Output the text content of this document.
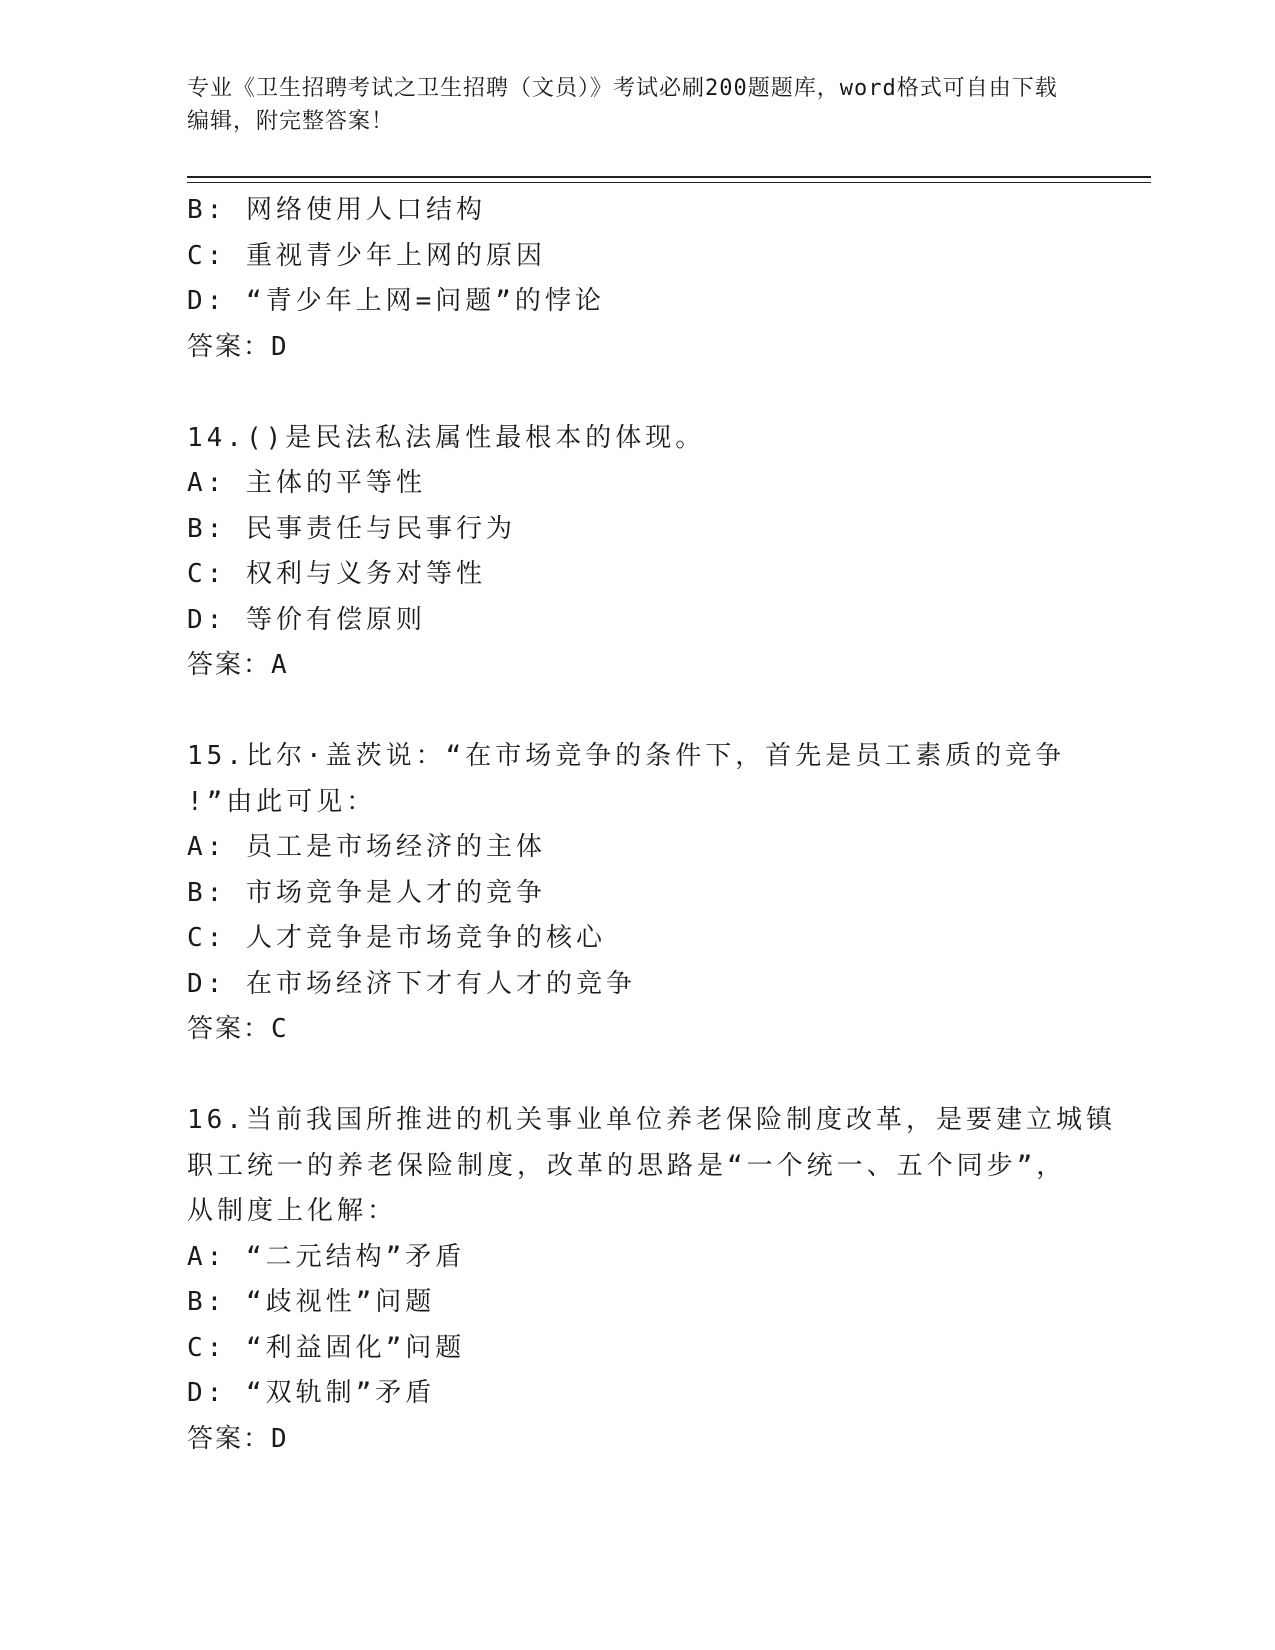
专业《卫生招聘考试之卫生招聘（文员）》考试必刷200题题库，word格式可自由下载编辑，附完整答案！
B: 网络使用人口结构
C: 重视青少年上网的原因
D: “青少年上网=问题”的悖论
答案：D
14.()是民法私法属性最根本的体现。
A: 主体的平等性
B: 民事责任与民事行为
C: 权利与义务对等性
D: 等价有偿原则
答案：A
15.比尔·盖茨说：“在市场竞争的条件下，首先是员工素质的竞争
!”由此可见：
A: 员工是市场经济的主体
B: 市场竞争是人才的竞争
C: 人才竞争是市场竞争的核心
D: 在市场经济下才有人才的竞争
答案：C
16.当前我国所推进的机关事业单位养老保险制度改革，是要建立城镇
职工统一的养老保险制度，改革的思路是“一个统一、五个同步”，
从制度上化解：
A: “二元结构”矛盾
B: “歧视性”问题
C: “利益固化”问题
D: “双轨制”矛盾
答案：D
